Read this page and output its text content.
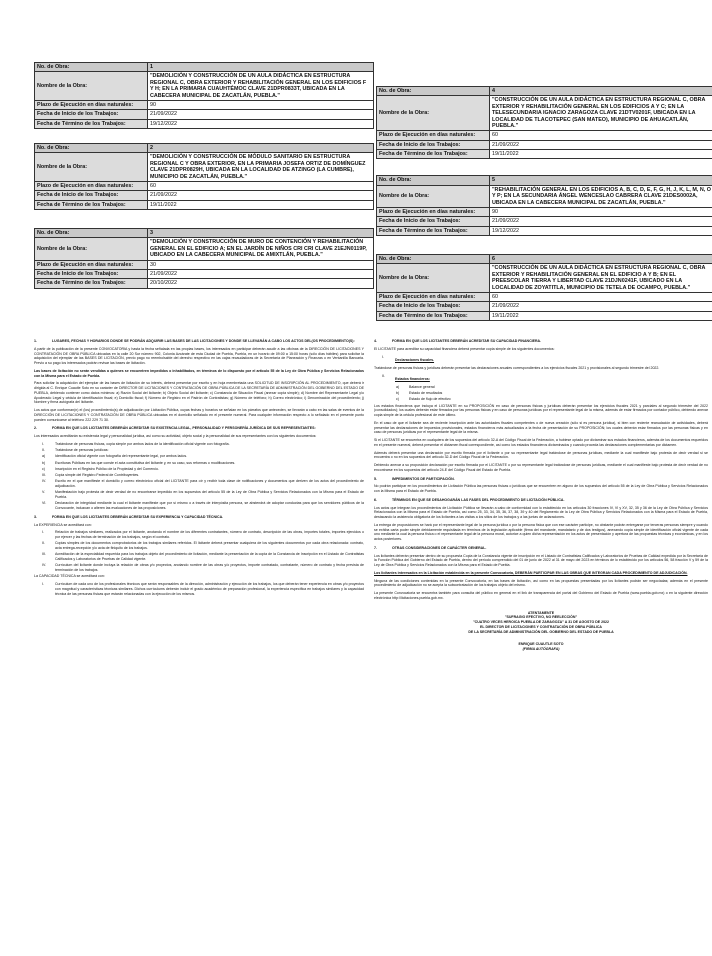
No. de Obra:	1
Nombre de la Obra:	"DEMOLICIÓN Y CONSTRUCCIÓN DE UN AULA DIDÁCTICA EN ESTRUCTURA REGIONAL C, OBRA EXTERIOR Y REHABILITACIÓN GENERAL EN LOS EDIFICIOS F Y H; EN LA PRIMARIA CUAUHTÉMOC CLAVE 21DPR0833T, UBICADA EN LA CABECERA MUNICIPAL DE ZACATLÁN, PUEBLA."
Plazo de Ejecución en días naturales:	90
Fecha de Inicio de los Trabajos:	21/09/2022
Fecha de Término de los Trabajos:	19/12/2022
No. de Obra:	2
Nombre de la Obra:	"DEMOLICIÓN Y CONSTRUCCIÓN DE MÓDULO SANITARIO EN ESTRUCTURA REGIONAL C Y OBRA EXTERIOR, EN LA PRIMARIA JOSEFA ORTIZ DE DOMÍNGUEZ CLAVE 21DPR0829H, UBICADA EN LA LOCALIDAD DE ATZINGO (LA CUMBRE), MUNICIPIO DE ZACATLÁN, PUEBLA."
Plazo de Ejecución en días naturales:	60
Fecha de Inicio de los Trabajos:	21/09/2022
Fecha de Término de los Trabajos:	19/11/2022
No. de Obra:	3
Nombre de la Obra:	"DEMOLICIÓN Y CONSTRUCCIÓN DE MURO DE CONTENCIÓN Y REHABILITACIÓN GENERAL EN EL EDIFICIO A; EN EL JARDÍN DE NIÑOS CRI CRI CLAVE 21EJN0119P, UBICADO EN LA CABECERA MUNICIPAL DE AMIXTLÁN, PUEBLA."
Plazo de Ejecución en días naturales:	30
Fecha de Inicio de los Trabajos:	21/09/2022
Fecha de Término de los Trabajos:	20/10/2022
No. de Obra:	4
Nombre de la Obra:	"CONSTRUCCIÓN DE UN AULA DIDÁCTICA EN ESTRUCTURA REGIONAL C, OBRA EXTERIOR Y REHABILITACIÓN GENERAL EN LOS EDIFICIOS A Y C; EN LA TELESECUNDARIA IGNACIO ZARAGOZA CLAVE 21DTV0201F, UBICADA EN LA LOCALIDAD DE TLACOTEPEC (SAN MATEO), MUNICIPIO DE AHUACATLÁN, PUEBLA."
Plazo de Ejecución en días naturales:	60
Fecha de Inicio de los Trabajos:	21/09/2022
Fecha de Término de los Trabajos:	19/11/2022
No. de Obra:	5
Nombre de la Obra:	"REHABILITACIÓN GENERAL EN LOS EDIFICIOS A, B, C, D, E, F, G, H, J, K, L, M, N, O Y P; EN LA SECUNDARIA ÁNGEL WENCESLAO CABRERA CLAVE 21DES0002A, UBICADA EN LA CABECERA MUNICIPAL DE ZACATLÁN, PUEBLA."
Plazo de Ejecución en días naturales:	90
Fecha de Inicio de los Trabajos:	21/09/2022
Fecha de Término de los Trabajos:	19/12/2022
No. de Obra:	6
Nombre de la Obra:	"CONSTRUCCIÓN DE UN AULA DIDÁCTICA EN ESTRUCTURA REGIONAL C, OBRA EXTERIOR Y REHABILITACIÓN GENERAL EN EL EDIFICIO A Y B; EN EL PREESCOLAR TIERRA Y LIBERTAD CLAVE 21DJN0241F, UBICADO EN LA LOCALIDAD DE ZOYATITLA, MUNICIPIO DE TETELA DE OCAMPO, PUEBLA."
Plazo de Ejecución en días naturales:	60
Fecha de Inicio de los Trabajos:	21/09/2022
Fecha de Término de los Trabajos:	19/11/2022
1.	LUGARES, FECHAS Y HORARIOS DONDE SE PODRÁN ADQUIRIR LAS BASES DE LAS LICITACIONES Y DONDE SE LLEVARÁN A CABO LOS ACTOS DEL(OS PROCEDIMIENTO(S):

A partir de la publicación de la presente CONVOCATORIA y hasta la fecha señalada en las propias bases, los interesados en participar deberán acudir a las oficinas de la DIRECCIÓN DE LICITACIONES Y CONTRATACIÓN DE OBRA PÚBLICA ubicadas en la calle 20 Sur número 902, Colonia Azcárate de esta Ciudad de Puebla, Puebla, en un horario de 09:00 a 15:00 horas (sólo días hábiles) para solicitar la adquisición del ejemplar de las BASES DE LICITACIÓN, previo pago no reembolsable del derecho respectivo en las cajas recaudadoras de la Secretaría de Planeación y Finanzas o en Ventanilla Bancaria. Previo a su pago los interesados podrán revisar las bases de licitación.

Las bases de licitación no serán vendidas a quienes se encuentren impedidos o inhabilitados, en términos de lo dispuesto por el artículo 55 de la Ley de Obra Pública y Servicios Relacionados con la Misma para el Estado de Puebla.

Para solicitar la adquisición del ejemplar de las bases de licitación de su interés, deberá presentar por escrito y en hoja membretada una SOLICITUD DE INSCRIPCIÓN AL PROCEDIMIENTO, que deberá ir dirigida al C. Enrique Cuautle Soto en su carácter de DIRECTOR DE LICITACIONES Y CONTRATACIÓN DE OBRA PÚBLICA DE LA SECRETARÍA DE ADMINISTRACIÓN DEL GOBIERNO DEL ESTADO DE PUEBLA, debiendo contener como datos mínimos: a) Razón Social del licitante; b) Objeto Social del licitante; c) Constancia de Situación Fiscal (anexar copia simple); d) Nombre del Representante Legal y/o Apoderado Legal y cédula de identificación fiscal; e) Domicilio fiscal; f) Número de Registro en el Padrón de Contratistas; g) Número de teléfono; h) Correo electrónico; i) Denominación del procedimiento; j) Nombre y firma autógrafa del licitante.

Los actos que conforman(n) el (los) procedimiento(s) de adjudicación por Licitación Pública, cuyas fechas y horarios se señalan en los párrafos que anteceden, se llevarán a cabo en las salas de eventos de la DIRECCIÓN DE LICITACIONES Y CONTRATACIÓN DE OBRA PÚBLICA ubicadas en el domicilio señalado en el presente numeral. Para cualquier información respecto a lo señalado en el presente punto pueden comunicarse al teléfono 222 229 71 30.

2.	FORMA EN QUE LOS LICITANTES DEBERÁN ACREDITAR SU EXISTENCIA LEGAL, PERSONALIDAD Y PERSONERÍA JURÍDICA DE SUS REPRESENTANTES:

Los interesados acreditarán su existencia legal y personalidad jurídica, así como su actividad, objeto social y la personalidad de sus representantes con los siguientes documentos:

I.	Tratándose de personas físicas, copia simple por ambos lados de la identificación oficial vigente con fotografía.
II.	Tratándose de personas jurídicas:
a)	Identificación oficial vigente con fotografía del representante legal, por ambos lados.
b)	Escrituras Públicas en las que conste el acta constitutiva del licitante y, en su caso, sus reformas o modificaciones.
c)	Inscripción en el Registro Público de la Propiedad y del Comercio.
III.	Copia simple del Registro Federal de Contribuyentes.
IV.	Escrito en el que manifieste el domicilio y correo electrónico oficial del LICITANTE para oír y recibir toda clase de notificaciones y documentos que deriven de los actos del procedimiento de adjudicación.
V.	Manifestación bajo protesta de decir verdad de no encontrarse impedido en los supuestos del artículo 55 de la Ley de Obra Pública y Servicios Relacionados con la Misma para el Estado de Puebla.
VI.	Declaración de integridad mediante la cual el licitante manifieste que por sí mismo o a través de interpósita persona, se abstendrá de adoptar conductas para que los servidores públicos de la Convocante, induzcan o alteren las evaluaciones de las proposiciones.
3.	FORMA EN QUE LOS LICITANTES DEBERÁN ACREDITAR SU EXPERIENCIA Y CAPACIDAD TÉCNICA.

La EXPERIENCIA se acreditará con:

I.	Relación de trabajos similares, realizados por el licitante, anotando el nombre de los diferentes contratantes, número de contrato, descripción de las obras, importes totales, importes ejercidos o por ejercer y las fechas de terminación de los trabajos, según el contrato.
II.	Copias simples de los documentos comprobatorios de los trabajos similares referidos. El licitante deberá presentar cualquiera de los siguientes documentos por cada obra relacionada: contrato, acta entrega-recepción y/o acta de finiquito de los trabajos.
III.	Acreditación de la especialidad requerida para los trabajos objeto del procedimiento de licitación, mediante la presentación de la copia de la Constancia de Inscripción en el Listado de Contratistas Calificados y Laboratorios de Pruebas de Calidad vigente.
IV.	Currículum del licitante donde incluya la relación de obras y/o proyectos, anotando nombre de las obras y/o proyectos, importe contratado, contratante, número de contrato y fecha prevista de terminación de los trabajos.

La CAPACIDAD TÉCNICA se acreditará con:

I.	Currículum de cada uno de los profesionales técnicos que serán responsables de la dirección, administración y ejecución de los trabajos, los que deberán tener experiencia en obras y/o proyectos con magnitud y características técnicas similares. Dichos currículums deberán incluir el grado académico de preparación profesional, la experiencia específica en trabajos similares y la capacidad técnica de las personas físicas que estarán relacionadas con la ejecución de los mismos.
4.	FORMA EN QUE LOS LICITANTES DEBERÁN ACREDITAR SU CAPACIDAD FINANCIERA.

El LICITANTE para acreditar su capacidad financiera deberá presentar copia simple de los siguientes documentos:

I.
Declaraciones fiscales.

Tratándose de personas físicas y jurídicas deberán presentar las declaraciones anuales correspondientes a los ejercicios fiscales 2021 y provisionales al segundo trimestre del 2022.

II.
Estados financieros:
a)	Balance general
b)	Estado de resultados
c)	Estado de flujo de efectivo

Los estados financieros que incluya el LICITANTE en su PROPOSICIÓN en caso de personas físicas y jurídicas deberán presentar los ejercicios fiscales 2021 y parciales al segundo trimestre del 2022 (consolidados); los cuales deberán estar firmados por las personas físicas y en caso de personas jurídicas por el representante legal de la misma, además de estar firmados por contador público, debiendo anexar copia simple de la cédula profesional de este último.

En el caso de que el licitante sea de reciente inscripción ante las autoridades fiscales competentes o de nueva creación (sólo si es persona jurídica), si bien con reciente reanudación de actividades, deberá presentar las declaraciones de impuestos provisionales, estados financieros más actualizados a la fecha de presentación de su PROPOSICIÓN; los cuales deberán estar firmados por las personas físicas y en caso de personas jurídicas por el representante legal de la misma.

Si el LICITANTE se encuentra en cualquiera de los supuestos del artículo 32-A del Código Fiscal de la Federación, a hubiese optado por dictaminar sus estados financieros, además de los documentos requeridos en el presente numeral, deberá presentar el dictamen fiscal correspondiente, así como los estados financieros dictaminados y cuando proceda las declaraciones complementarias por dictamen.

Además deberá presentar una declaración por escrito firmada por el licitante o por su representante legal tratándose de personas jurídicas, mediante la cual manifieste bajo protesta de decir verdad si se encuentra o no en los supuestos del artículo 32-D del Código Fiscal de la Federación.

Debiendo anexar a su proposición declaración por escrito firmada por el LICITANTE o por su representante legal tratándose de personas jurídicas, mediante el cual manifieste bajo protesta de decir verdad de no encontrarse en los supuestos del artículo 24-E del Código Fiscal del Estado de Puebla.

5.	IMPEDIMENTOS DE PARTICIPACIÓN.

No podrán participar en los procedimientos de Licitación Pública las personas físicas o jurídicas que se encuentren en alguno de los supuestos del artículo 55 de la Ley de Obra Pública y Servicios Relacionados con la Misma para el Estado de Puebla.

6.	TÉRMINOS EN QUE SE DESAHOGARÁN LAS FASES DEL PROCEDIMIENTO DE LICITACIÓN PÚBLICA.

Los actos que integran los procedimientos de Licitación Pública se llevarán a cabo de conformidad con lo establecido en los artículos 30 fracciones IV, VI y XV, 32, 35 y 36 de la Ley de Obra Pública y Servicios Relacionados con la Misma para el Estado de Puebla, así como 25, 33, 34, 35, 36, 37, 38, 39 y 40 del Reglamento de la Ley de Obra Pública y Servicios Relacionados con la Misma para el Estado de Puebla, destacando la asistencia obligatoria de los licitantes a las visitas a los sitios de los trabajos y a las juntas de aclaraciones.

La entrega de proposiciones se hará por el representante legal de la persona jurídica o por la persona física que con ese carácter participe, no obstante podrán entregarse por terceras personas siempre y cuando se exhiba carta poder simple debidamente requisitada en términos de la legislación aplicable (firma del mandante, mandatario y de dos testigos), anexando copia simple de identificación oficial vigente de cada uno mediante la cual la persona física o el representante legal de la persona moral, autorice a quien dicha representación en los actos de presentación y apertura de las propuestas técnicas y económicas, y en los actos posteriores.

7.	OTRAS CONSIDERACIONES DE CARÁCTER GENERAL.

Los licitantes deberán presentar dentro de su propuesta Copia de la Constancia vigente de inscripción en el Listado de Contratistas Calificados y Laboratorios de Pruebas de Calidad expedida por la Secretaría de la Función Pública del Gobierno del Estado de Puebla, dentro del período comprendido del 01 de junio de 2022 al 31 de mayo del 2023 en términos de lo establecido por los artículos 56, 58 fracción V y 59 de la Ley de Obra Pública y Servicios Relacionados con la Misma para el Estado de Puebla.

Los licitantes interesados en la Licitación establecida en la presente Convocatoria, DEBERÁN PARTICIPAR EN LAS OBRAS QUE INTEGRAN CADA PROCEDIMIENTO DE ADJUDICACIÓN.

Ninguna de las condiciones contenidas en la presente Convocatoria, en las bases de licitación, así como en las propuestas presentadas por los licitantes podrán ser negociadas; además en el presente procedimiento de adjudicación no se acepta la subcontratación de los trabajos objeto del mismo.

La presente Convocatoria se encuentra también para consulta del público en general en el link de transparencia del portal del Gobierno del Estado de Puebla (www.puebla.gob.mx) o en la siguiente dirección electrónica http://licitaciones.puebla.gob.mx.

ATENTAMENTE
"SUFRAGIO EFECTIVO, NO REELECCIÓN"
"CUATRO VECES HEROICA PUEBLA DE ZARAGOZA" A 31 DE AGOSTO DE 2022
EL DIRECTOR DE LICITACIONES Y CONTRATACIÓN DE OBRA PÚBLICA
DE LA SECRETARÍA DE ADMINISTRACIÓN DEL GOBIERNO DEL ESTADO DE PUEBLA
ENRIQUE CUAUTLE SOTO
(FIRMA AUTÓGRAFA)
